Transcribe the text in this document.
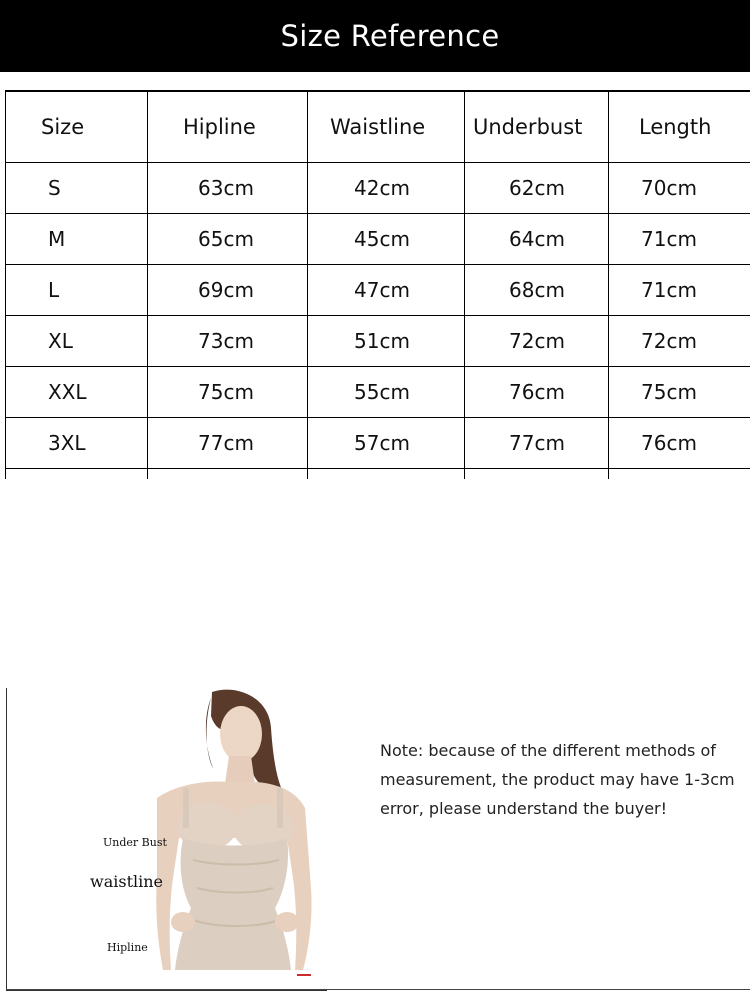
Size Reference
Size	Hipline	Waistline	Underbust	Length
S	63cm	42cm	62cm	70cm
M	65cm	45cm	64cm	71cm
L	69cm	47cm	68cm	71cm
XL	73cm	51cm	72cm	72cm
XXL	75cm	55cm	76cm	75cm
3XL	77cm	57cm	77cm	76cm

Under Bust
waistline
Hipline
Note: because of the different methods of measurement, the product may have 1-3cm error, please understand the buyer!
